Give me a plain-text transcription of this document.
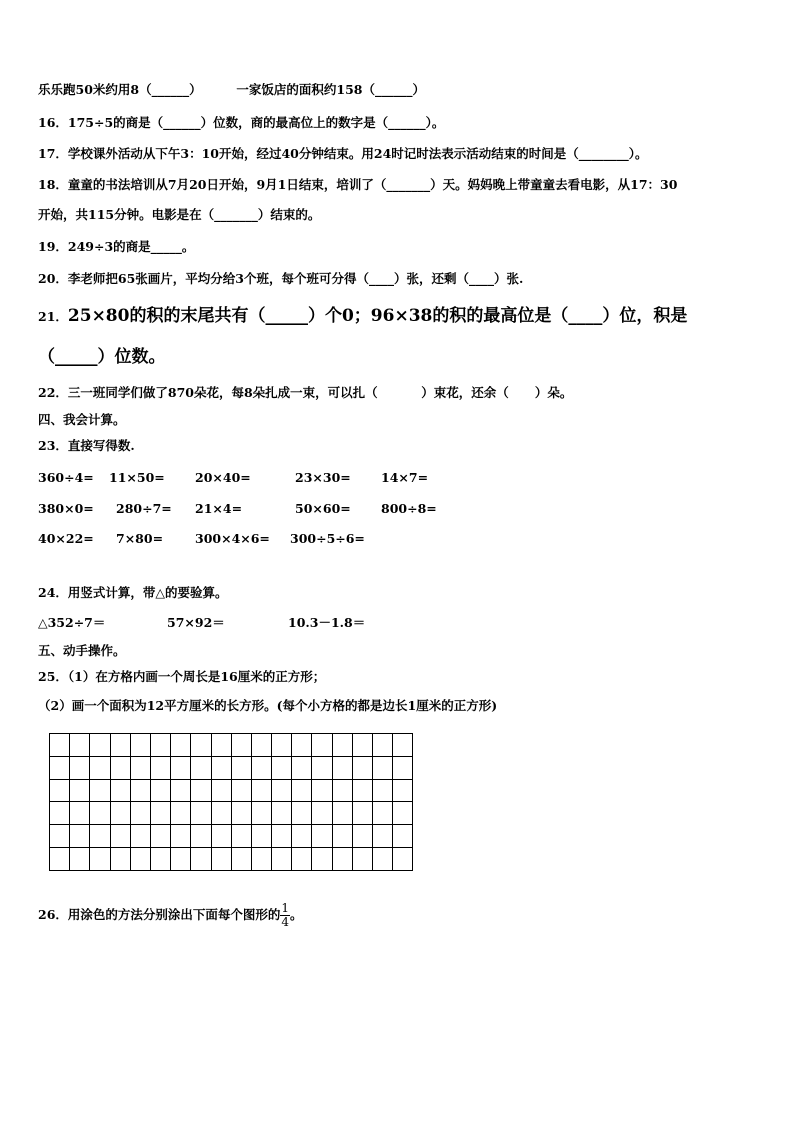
乐乐跑50米约用8（______）        一家饭店的面积约158（______）
16．175÷5的商是（______）位数，商的最高位上的数字是（______）。
17．学校课外活动从下午3：10开始，经过40分钟结束。用24时记时法表示活动结束的时间是（________）。
18．童童的书法培训从7月20日开始，9月1日结束，培训了（_______）天。妈妈晚上带童童去看电影，从17：30
开始，共115分钟。电影是在（_______）结束的。
19．249÷3的商是_____。
20．李老师把65张画片，平均分给3个班，每个班可分得（____）张，还剩（____）张.
21．25×80的积的末尾共有（_____）个0；96×38的积的最高位是（____）位，积是
（_____）位数。
22．三一班同学们做了870朵花，每8朵扎成一束，可以扎（          ）束花，还余（      ）朵。
四、我会计算。
23．直接写得数.
360÷4= 11×50= 20×40=	23×30= 14×7=
380×0= 280÷7= 21×4=	50×60= 800÷8=
40×22= 7×80=	300×4×6= 300÷5÷6=
24．用竖式计算，带△的要验算。
△352÷7＝	57×92＝	10.3－1.8＝
五、动手操作。
25．（1）在方格内画一个周长是16厘米的正方形；
（2）画一个面积为12平方厘米的长方形。(每个小方格的都是边长1厘米的正方形)

26．用涂色的方法分别涂出下面每个图形的 $\frac{1}{4}$ 。
